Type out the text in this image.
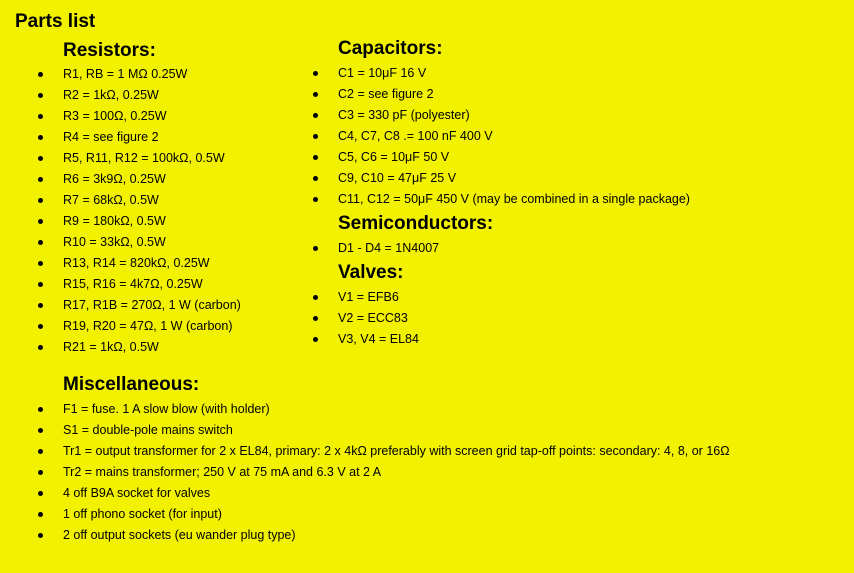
Parts list
Resistors:
R1, RB = 1 MΩ 0.25W
R2 = 1kΩ, 0.25W
R3 = 100Ω, 0.25W
R4 = see figure 2
R5, R11, R12 = 100kΩ, 0.5W
R6 = 3k9Ω, 0.25W
R7 = 68kΩ, 0.5W
R9 = 180kΩ, 0.5W
R10 = 33kΩ, 0.5W
R13, R14 = 820kΩ, 0.25W
R15, R16 = 4k7Ω, 0.25W
R17, R1B = 270Ω, 1 W (carbon)
R19, R20 = 47Ω, 1 W (carbon)
R21 = 1kΩ, 0.5W
Capacitors:
C1 = 10μF 16 V
C2 = see figure 2
C3 = 330 pF (polyester)
C4, C7, C8 .= 100 nF 400 V
C5, C6 = 10μF 50 V
C9, C10 = 47μF 25 V
C11, C12 = 50μF 450 V (may be combined in a single package)
Semiconductors:
D1 - D4 = 1N4007
Valves:
V1 = EFB6
V2 = ECC83
V3, V4 = EL84
Miscellaneous:
F1 = fuse. 1 A slow blow (with holder)
S1 = double-pole mains switch
Tr1 = output transformer for 2 x EL84, primary: 2 x 4kΩ preferably with screen grid tap-off points: secondary: 4, 8, or 16Ω
Tr2 = mains transformer; 250 V at 75 mA and 6.3 V at 2 A
4 off B9A socket for valves
1 off phono socket (for input)
2 off output sockets (eu wander plug type)
